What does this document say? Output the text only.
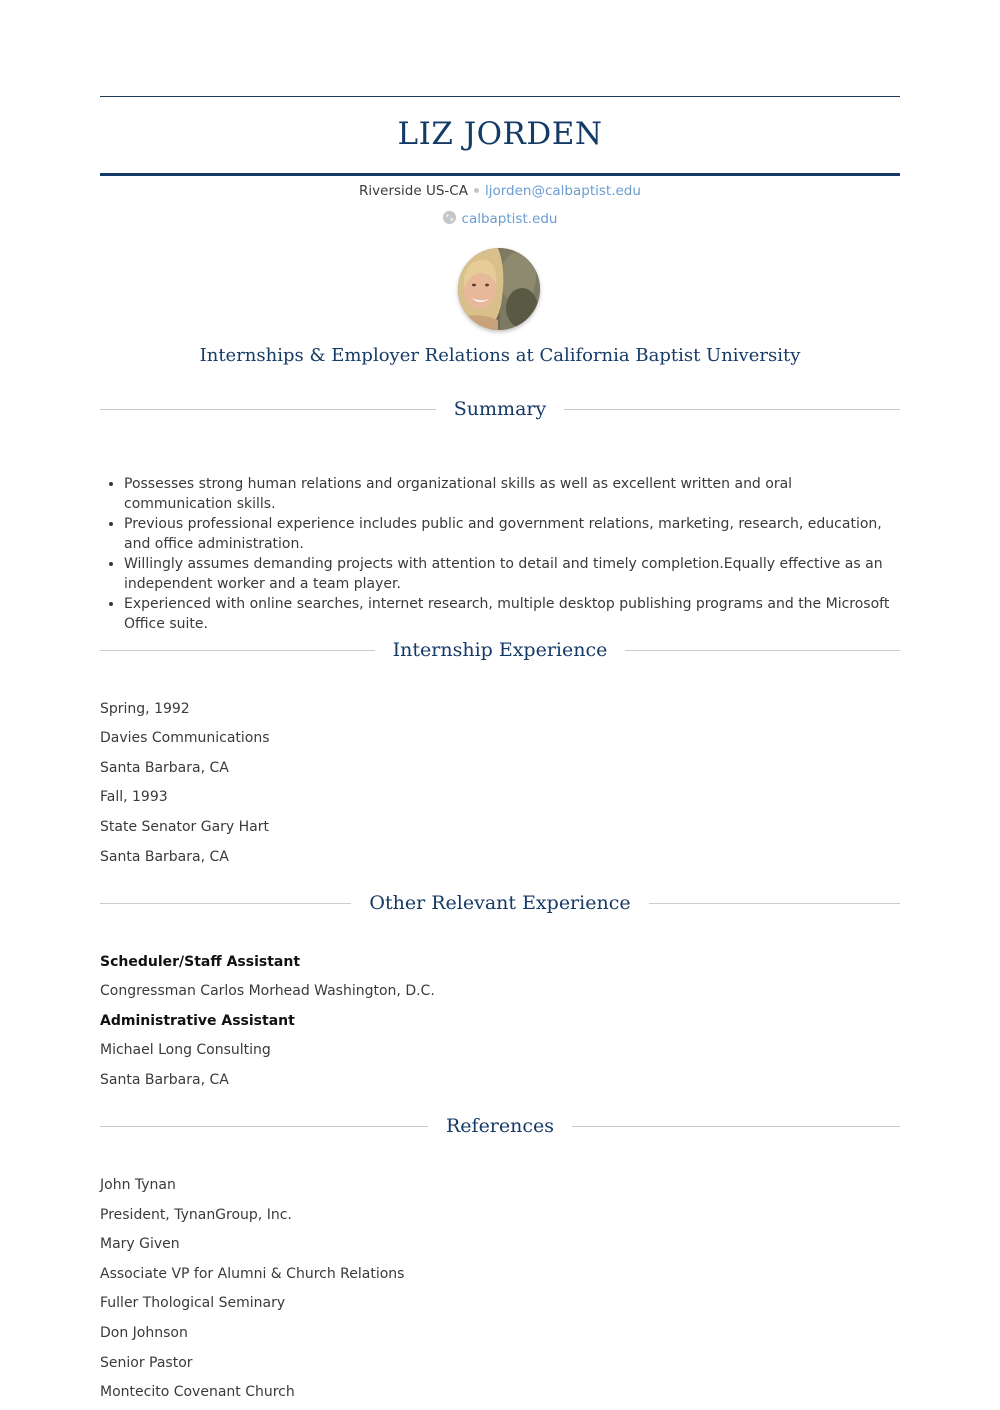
LIZ JORDEN
Riverside US-CA ljorden@calbaptist.edu
calbaptist.edu
Internships & Employer Relations at California Baptist University
Summary
• Possesses strong human relations and organizational skills as well as excellent written and oral communication skills.
• Previous professional experience includes public and government relations, marketing, research, education, and office administration.
• Willingly assumes demanding projects with attention to detail and timely completion.Equally effective as an independent worker and a team player.
• Experienced with online searches, internet research, multiple desktop publishing programs and the Microsoft Office suite.
Internship Experience
Spring, 1992
Davies Communications
Santa Barbara, CA
Fall, 1993
State Senator Gary Hart
Santa Barbara, CA
Other Relevant Experience
Scheduler/Staff Assistant
Congressman Carlos Morhead Washington, D.C.
Administrative Assistant
Michael Long Consulting
Santa Barbara, CA
References
John Tynan
President, TynanGroup, Inc.
Mary Given
Associate VP for Alumni & Church Relations
Fuller Thological Seminary
Don Johnson
Senior Pastor
Montecito Covenant Church
